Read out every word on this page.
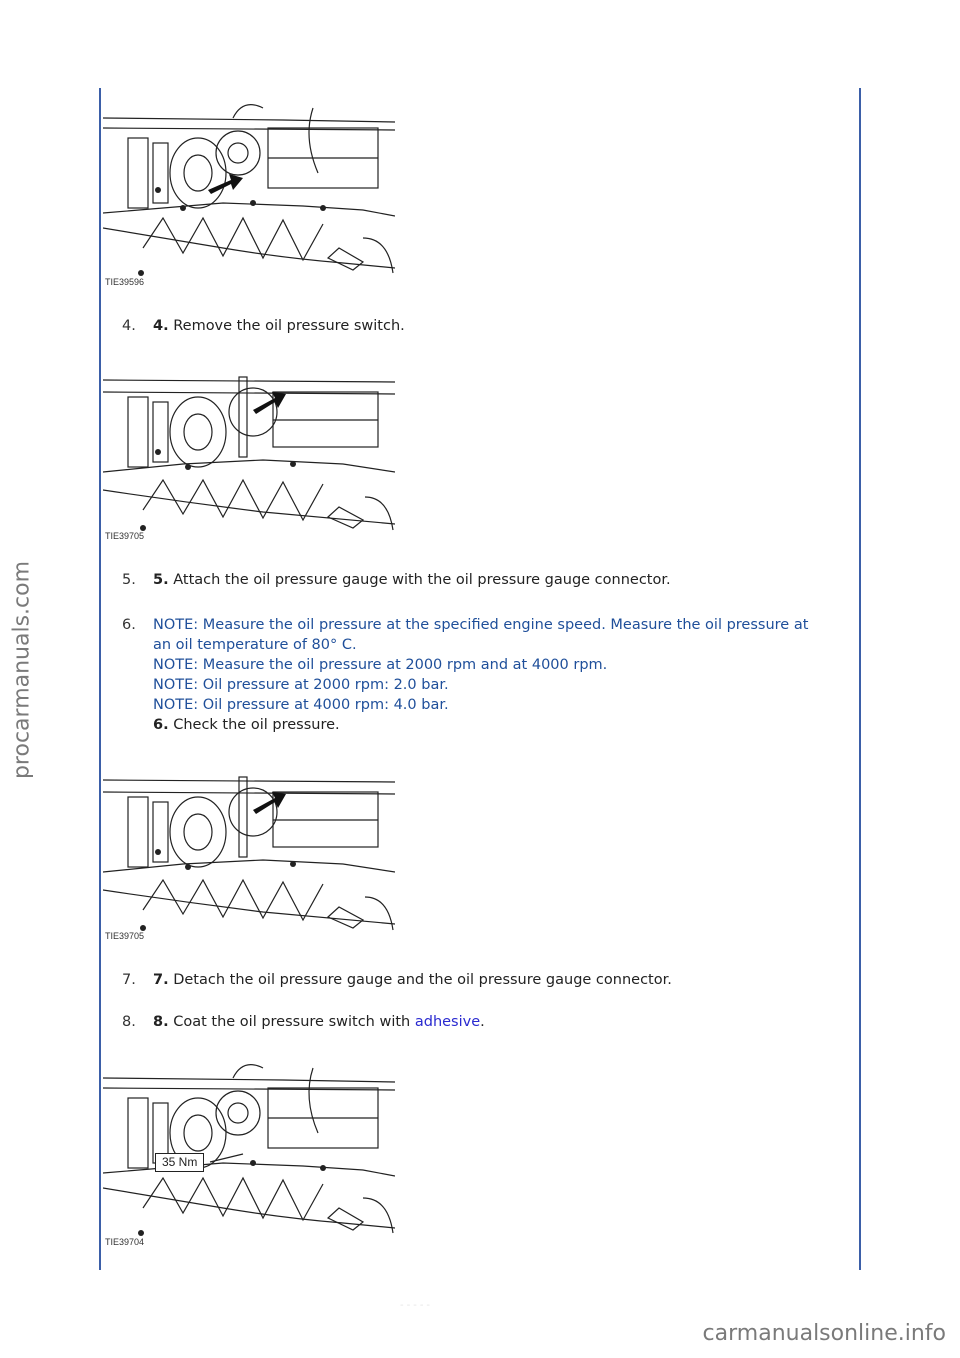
procarmanuals.com
carmanualsonline.info
-----
TIE39596
4. 4. Remove the oil pressure switch.
TIE39705
5. 5. Attach the oil pressure gauge with the oil pressure gauge connector.
6. NOTE: Measure the oil pressure at the specified engine speed. Measure the oil pressure at an oil temperature of 80° C.
NOTE: Measure the oil pressure at 2000 rpm and at 4000 rpm.
NOTE: Oil pressure at 2000 rpm: 2.0 bar.
NOTE: Oil pressure at 4000 rpm: 4.0 bar.
6. Check the oil pressure.
TIE39705
7. 7. Detach the oil pressure gauge and the oil pressure gauge connector.
8. 8. Coat the oil pressure switch with adhesive.
35 Nm
TIE39704
